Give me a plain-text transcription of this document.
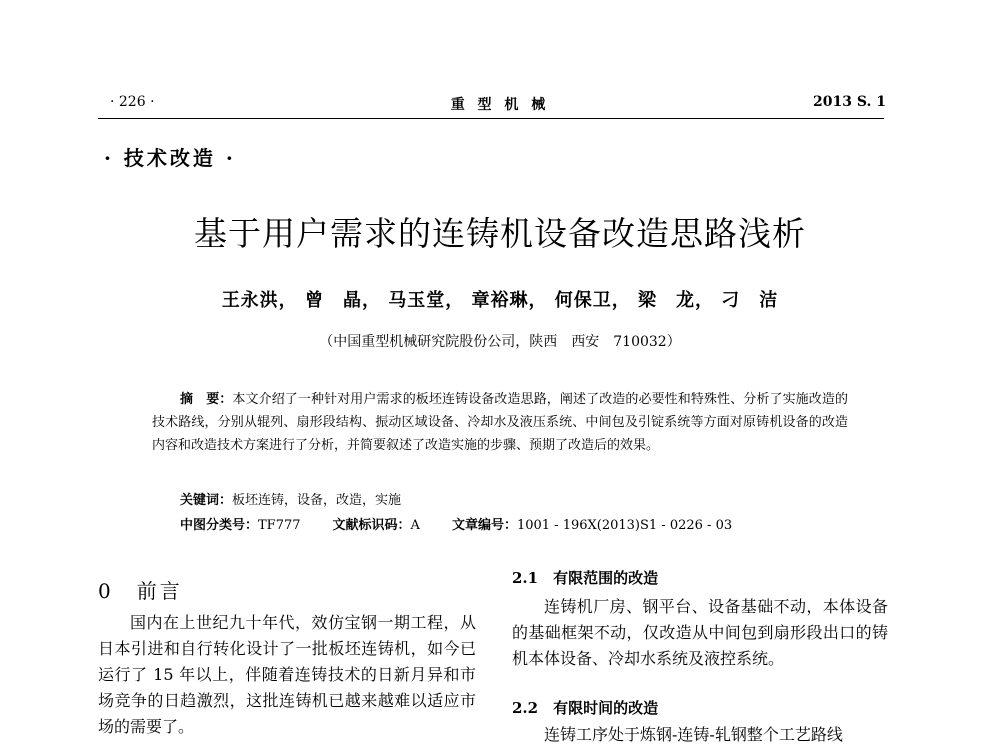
· 226 ·	重 型 机 械	2013 S. 1
· 技术改造 ·
基于用户需求的连铸机设备改造思路浅析
王永洪， 曾　晶， 马玉堂， 章裕琳， 何保卫， 梁　龙， 刁　洁
（中国重型机械研究院股份公司，陕西　西安　710032）

摘　要：本文介绍了一种针对用户需求的板坯连铸设备改造思路，阐述了改造的必要性和特殊性、分析了实施改造的技术路线，分别从辊列、扇形段结构、振动区域设备、冷却水及液压系统、中间包及引锭系统等方面对原铸机设备的改造内容和改造技术方案进行了分析，并简要叙述了改造实施的步骤、预期了改造后的效果。

关键词：板坯连铸，设备，改造，实施
中图分类号：TF777 文献标识码：A 文章编号：1001 - 196X(2013)S1 - 0226 - 03
0　前言

国内在上世纪九十年代，效仿宝钢一期工程，从日本引进和自行转化设计了一批板坯连铸机，如今已运行了 15 年以上，伴随着连铸技术的日新月异和市场竞争的日趋激烈，这批连铸机已越来越难以适应市场的需要了。

2.1　有限范围的改造

连铸机厂房、钢平台、设备基础不动，本体设备的基础框架不动，仅改造从中间包到扇形段出口的铸机本体设备、冷却水系统及液控系统。

2.2　有限时间的改造

连铸工序处于炼钢-连铸-轧钢整个工艺路线
